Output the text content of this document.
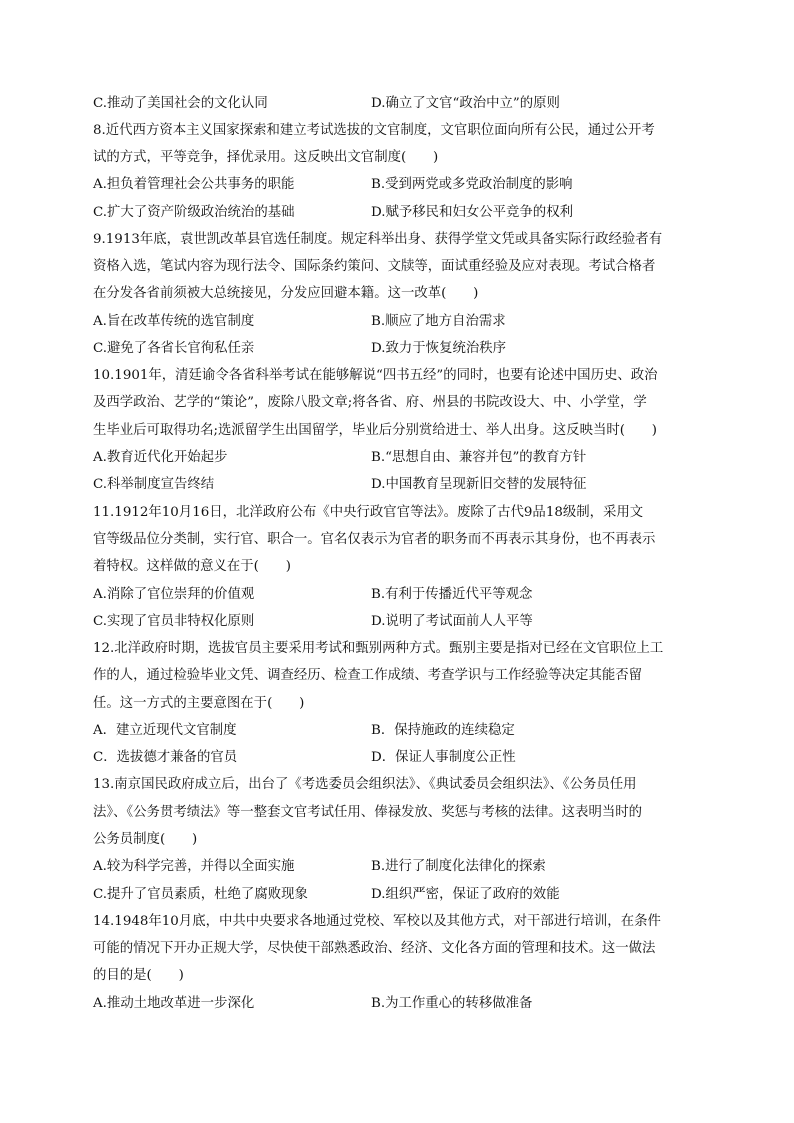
C.推动了美国社会的文化认同	D.确立了文官“政治中立”的原则
8.近代西方资本主义国家探索和建立考试选拔的文官制度，文官职位面向所有公民，通过公开考
试的方式，平等竞争，择优录用。这反映出文官制度(　　)
A.担负着管理社会公共事务的职能	B.受到两党或多党政治制度的影响
C.扩大了资产阶级政治统治的基础	D.赋予移民和妇女公平竞争的权利
9.1913年底，袁世凯改革县官选任制度。规定科举出身、获得学堂文凭或具备实际行政经验者有
资格入选，笔试内容为现行法令、国际条约策问、文牍等，面试重经验及应对表现。考试合格者
在分发各省前须被大总统接见，分发应回避本籍。这一改革(　　)
A.旨在改革传统的选官制度	B.顺应了地方自治需求
C.避免了各省长官徇私任亲	D.致力于恢复统治秩序
10.1901年，清廷谕令各省科举考试在能够解说“四书五经”的同时，也要有论述中国历史、政治
及西学政治、艺学的“策论”，废除八股文章;将各省、府、州县的书院改设大、中、小学堂，学
生毕业后可取得功名;选派留学生出国留学，毕业后分别赏给进士、举人出身。这反映当时(　　)
A.教育近代化开始起步	B.“思想自由、兼容并包”的教育方针
C.科举制度宣告终结	D.中国教育呈现新旧交替的发展特征
11.1912年10月16日，北洋政府公布《中央行政官官等法》。废除了古代9品18级制，采用文
官等级品位分类制，实行官、职合一。官名仅表示为官者的职务而不再表示其身份，也不再表示
着特权。这样做的意义在于(　　)
A.消除了官位崇拜的价值观	B.有利于传播近代平等观念
C.实现了官员非特权化原则	D.说明了考试面前人人平等
12.北洋政府时期，选拔官员主要采用考试和甄别两种方式。甄别主要是指对已经在文官职位上工
作的人，通过检验毕业文凭、调查经历、检查工作成绩、考查学识与工作经验等决定其能否留
任。这一方式的主要意图在于(　　)
A．建立近现代文官制度	B．保持施政的连续稳定
C．选拔德才兼备的官员	D．保证人事制度公正性
13.南京国民政府成立后，出台了《考选委员会组织法》、《典试委员会组织法》、《公务员任用
法》、《公务贯考绩法》等一整套文官考试任用、俸禄发放、奖惩与考核的法律。这表明当时的
公务员制度(　　)
A.较为科学完善，并得以全面实施	B.进行了制度化法律化的探索
C.提升了官员素质，杜绝了腐败现象	D.组织严密，保证了政府的效能
14.1948年10月底，中共中央要求各地通过党校、军校以及其他方式，对干部进行培训，在条件
可能的情况下开办正规大学，尽快使干部熟悉政治、经济、文化各方面的管理和技术。这一做法
的目的是(　　)
A.推动土地改革进一步深化	B.为工作重心的转移做准备
